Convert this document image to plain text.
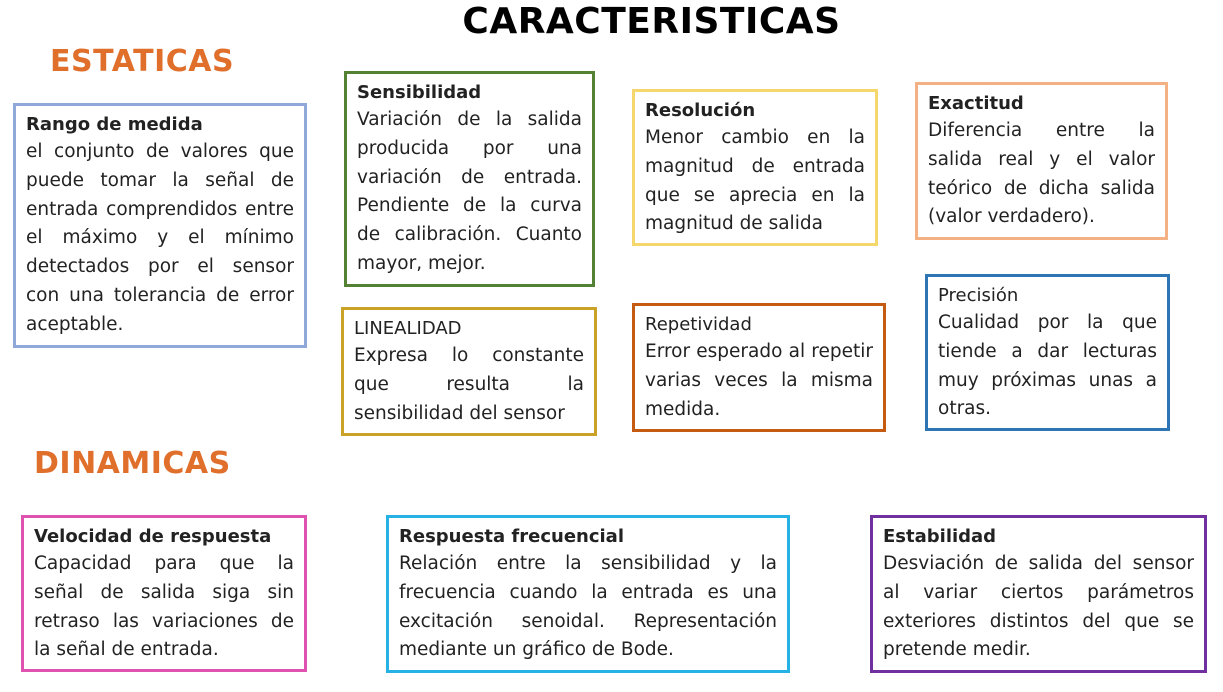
CARACTERISTICAS
ESTATICAS
DINAMICAS
Rango de medida
el conjunto de valores que puede tomar la señal de entrada comprendidos entre el máximo y el mínimo detectados por el sensor con una tolerancia de error aceptable.
Sensibilidad
Variación de la salida producida por una variación de entrada. Pendiente de la curva de calibración. Cuanto mayor, mejor.
Resolución
Menor cambio en la magnitud de entrada que se aprecia en la magnitud de salida
Exactitud
Diferencia entre la salida real y el valor teórico de dicha salida (valor verdadero).
LINEALIDAD
Expresa lo constante que resulta la sensibilidad del sensor
Repetividad
Error esperado al repetir varias veces la misma medida.
Precisión
Cualidad por la que tiende a dar lecturas muy próximas unas a otras.
Velocidad de respuesta
Capacidad para que la señal de salida siga sin retraso las variaciones de la señal de entrada.
Respuesta frecuencial
Relación entre la sensibilidad y la frecuencia cuando la entrada es una excitación senoidal. Representación mediante un gráfico de Bode.
Estabilidad
Desviación de salida del sensor al variar ciertos parámetros exteriores distintos del que se pretende medir.
